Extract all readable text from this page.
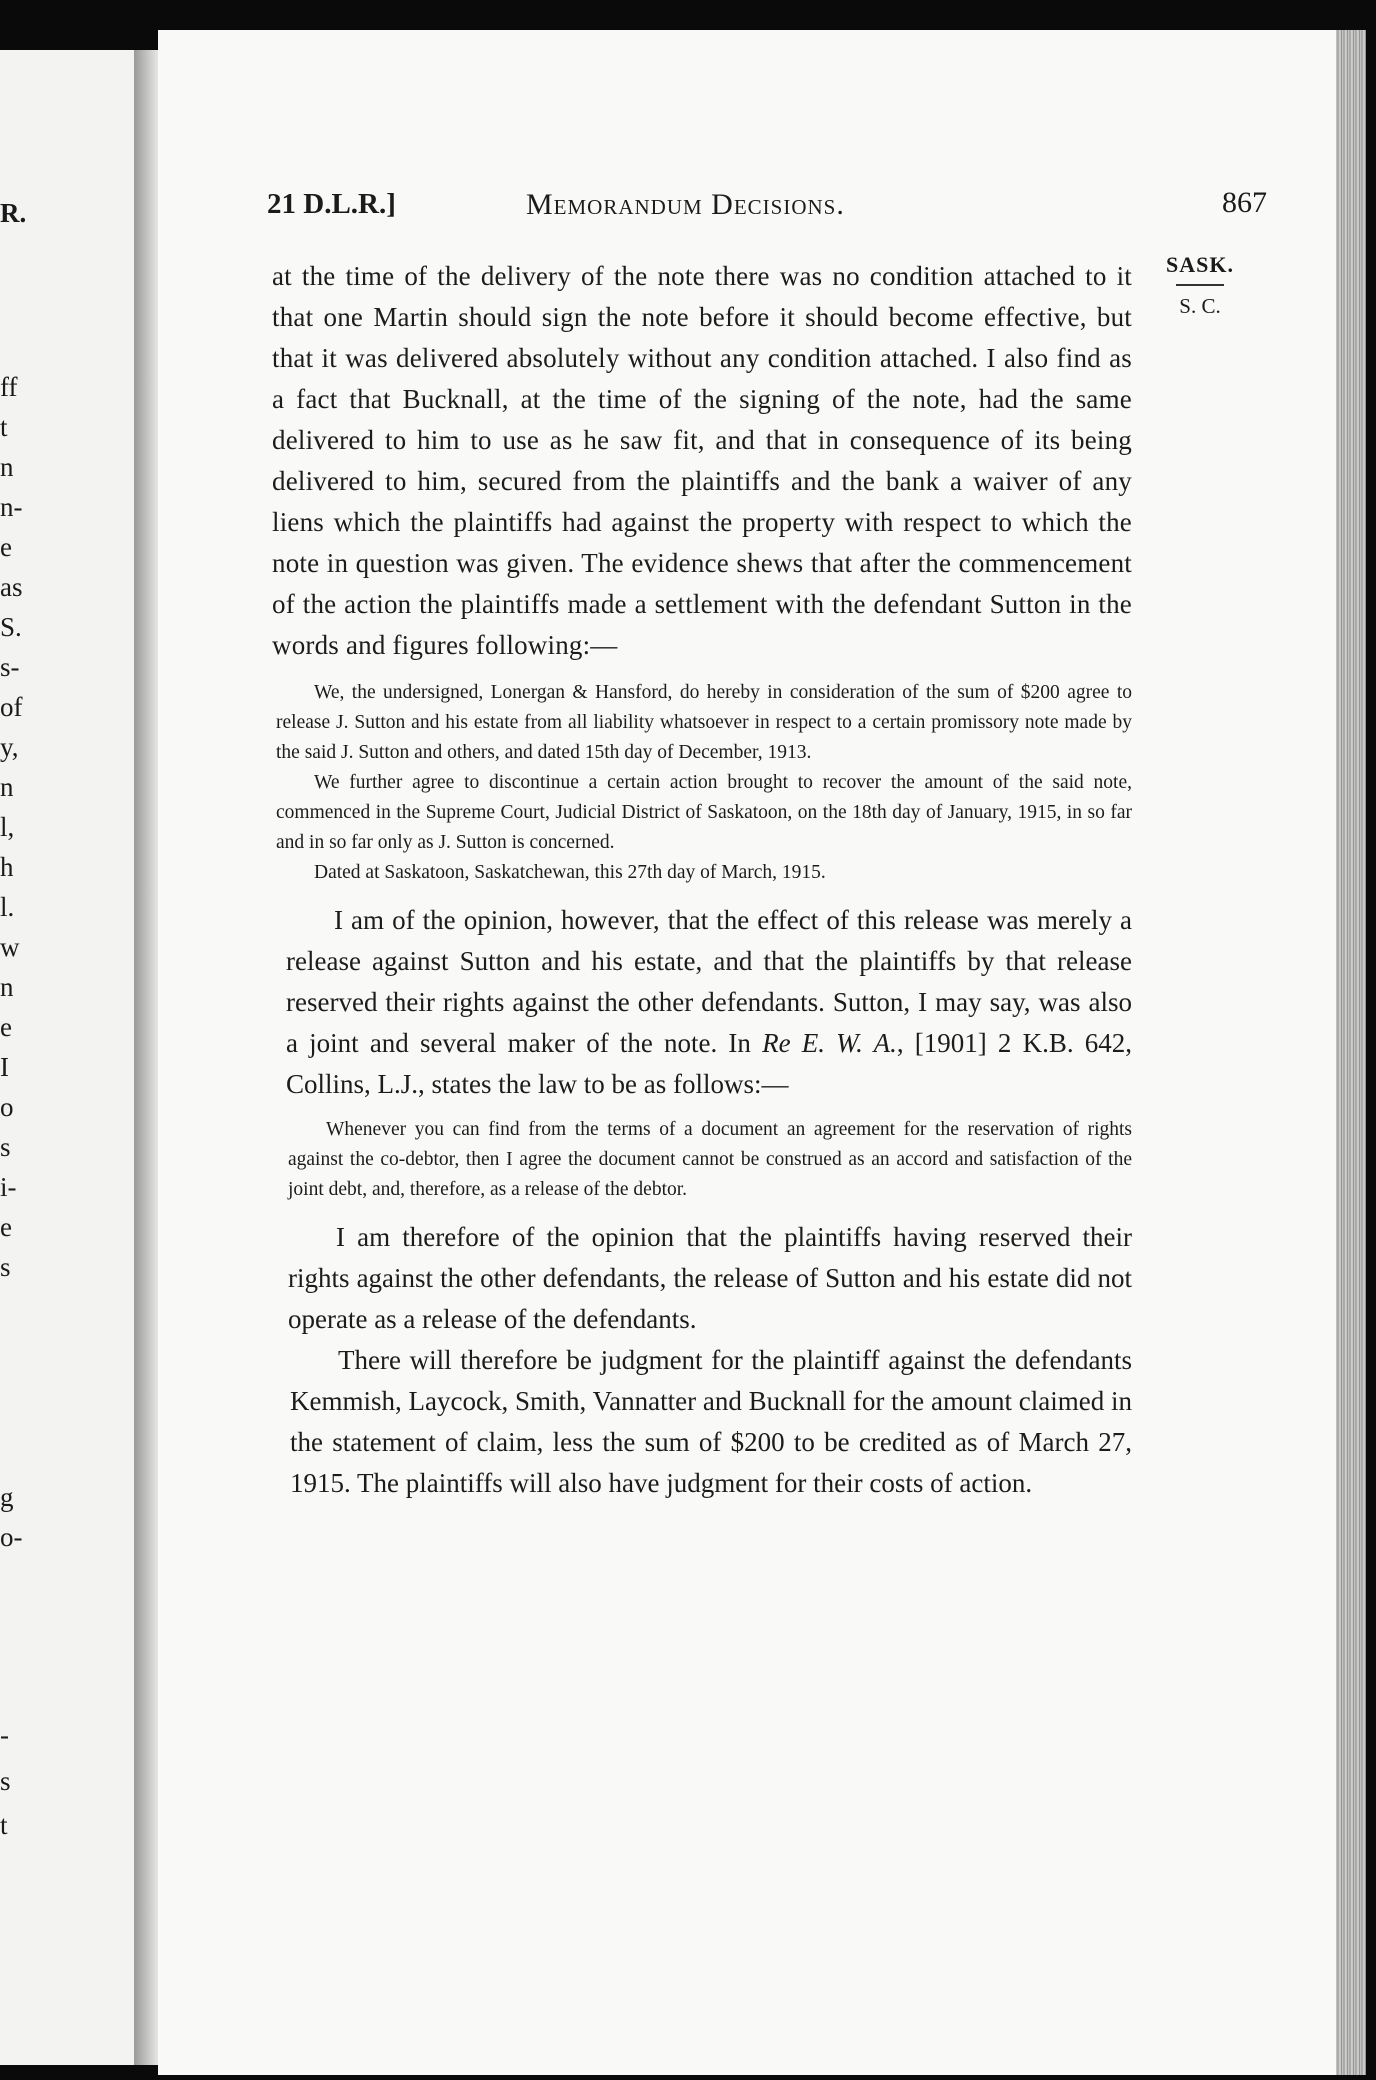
R.
ff
t
n
n-
e
as
S.
s-
of
y,
n
l,
h
l.
w
n
e
I
o
s
i-
e
s
g
o-
-
s
t
21 D.L.R.]	Memorandum Decisions.	867
SASK.
S. C.

at the time of the delivery of the note there was no condition attached to it that one Martin should sign the note before it should become effective, but that it was delivered absolutely without any condition attached. I also find as a fact that Bucknall, at the time of the signing of the note, had the same delivered to him to use as he saw fit, and that in consequence of its being delivered to him, secured from the plaintiffs and the bank a waiver of any liens which the plaintiffs had against the property with respect to which the note in question was given. The evidence shews that after the commencement of the action the plaintiffs made a settlement with the defendant Sutton in the words and figures following:—

We, the undersigned, Lonergan & Hansford, do hereby in consideration of the sum of $200 agree to release J. Sutton and his estate from all liability whatsoever in respect to a certain promissory note made by the said J. Sutton and others, and dated 15th day of December, 1913.

We further agree to discontinue a certain action brought to recover the amount of the said note, commenced in the Supreme Court, Judicial District of Saskatoon, on the 18th day of January, 1915, in so far and in so far only as J. Sutton is concerned.

Dated at Saskatoon, Saskatchewan, this 27th day of March, 1915.

I am of the opinion, however, that the effect of this release was merely a release against Sutton and his estate, and that the plaintiffs by that release reserved their rights against the other defendants. Sutton, I may say, was also a joint and several maker of the note. In Re E. W. A., [1901] 2 K.B. 642, Collins, L.J., states the law to be as follows:—

Whenever you can find from the terms of a document an agreement for the reservation of rights against the co-debtor, then I agree the document cannot be construed as an accord and satisfaction of the joint debt, and, therefore, as a release of the debtor.

I am therefore of the opinion that the plaintiffs having reserved their rights against the other defendants, the release of Sutton and his estate did not operate as a release of the defendants.

There will therefore be judgment for the plaintiff against the defendants Kemmish, Laycock, Smith, Vannatter and Bucknall for the amount claimed in the statement of claim, less the sum of $200 to be credited as of March 27, 1915. The plaintiffs will also have judgment for their costs of action.
